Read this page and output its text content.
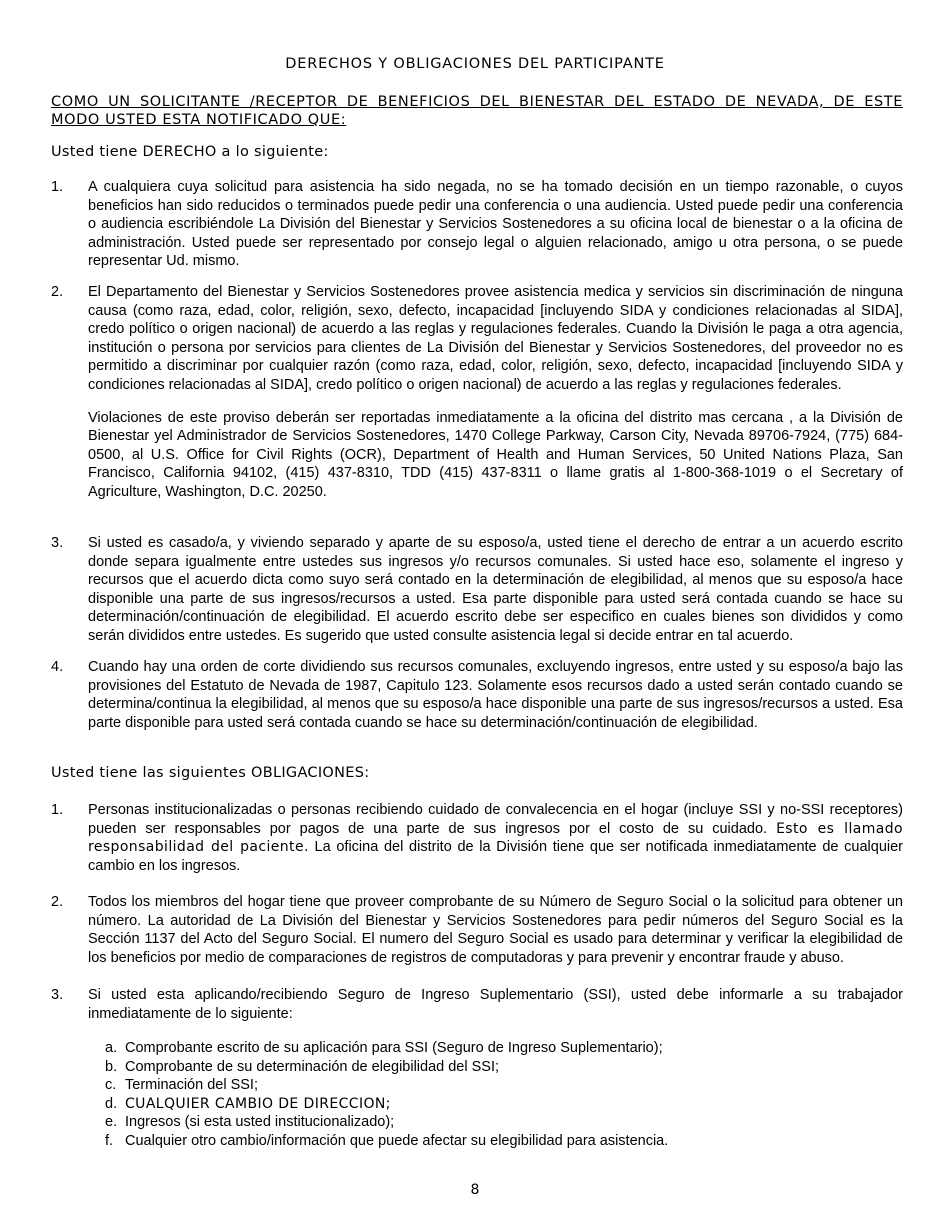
DERECHOS Y OBLIGACIONES DEL PARTICIPANTE
COMO UN SOLICITANTE /RECEPTOR DE BENEFICIOS DEL BIENESTAR DEL ESTADO DE NEVADA, DE ESTE MODO USTED ESTA NOTIFICADO QUE:
Usted tiene DERECHO a lo siguiente:
1.	A cualquiera cuya solicitud para asistencia ha sido negada, no se ha tomado decisión en un tiempo razonable, o cuyos beneficios han sido reducidos o terminados puede pedir una conferencia o una audiencia. Usted puede pedir una conferencia o audiencia escribiéndole La División del Bienestar y Servicios Sostenedores a su oficina local de bienestar o a la oficina de administración. Usted puede ser representado por consejo legal o alguien relacionado, amigo u otra persona, o se puede representar Ud. mismo.

2.	El Departamento del Bienestar y Servicios Sostenedores provee asistencia medica y servicios sin discriminación de ninguna causa (como raza, edad, color, religión, sexo, defecto, incapacidad [incluyendo SIDA y condiciones relacionadas al SIDA], credo político o origen nacional) de acuerdo a las reglas y regulaciones federales. Cuando la División le paga a otra agencia, institución o persona por servicios para clientes de La División del Bienestar y Servicios Sostenedores, del proveedor no es permitido a discriminar por cualquier razón (como raza, edad, color, religión, sexo, defecto, incapacidad [incluyendo SIDA y condiciones relacionadas al SIDA], credo político o origen nacional) de acuerdo a las reglas y regulaciones federales.
Violaciones de este proviso deberán ser reportadas inmediatamente a la oficina del distrito mas cercana , a la División de Bienestar yel Administrador de Servicios Sostenedores, 1470 College Parkway, Carson City, Nevada 89706-7924, (775) 684-0500, al U.S. Office for Civil Rights (OCR), Department of Health and Human Services, 50 United Nations Plaza, San Francisco, California 94102, (415) 437-8310, TDD (415) 437-8311 o llame gratis al 1-800-368-1019 o el Secretary of Agriculture, Washington, D.C. 20250.
3.	Si usted es casado/a, y viviendo separado y aparte de su esposo/a, usted tiene el derecho de entrar a un acuerdo escrito donde separa igualmente entre ustedes sus ingresos y/o recursos comunales. Si usted hace eso, solamente el ingreso y recursos que el acuerdo dicta como suyo será contado en la determinación de elegibilidad, al menos que su esposo/a hace disponible una parte de sus ingresos/recursos a usted. Esa parte disponible para usted será contada cuando se hace su determinación/continuación de elegibilidad. El acuerdo escrito debe ser especifico en cuales bienes son divididos y como serán divididos entre ustedes. Es sugerido que usted consulte asistencia legal si decide entrar en tal acuerdo.

4.	Cuando hay una orden de corte dividiendo sus recursos comunales, excluyendo ingresos, entre usted y su esposo/a bajo las provisiones del Estatuto de Nevada de 1987, Capitulo 123. Solamente esos recursos dado a usted serán contado cuando se determina/continua la elegibilidad, al menos que su esposo/a hace disponible una parte de sus ingresos/recursos a usted. Esa parte disponible para usted será contada cuando se hace su determinación/continuación de elegibilidad.

Usted tiene las siguientes OBLIGACIONES:
1.	Personas institucionalizadas o personas recibiendo cuidado de convalecencia en el hogar (incluye SSI y no-SSI receptores) pueden ser responsables por pagos de una parte de sus ingresos por el costo de su cuidado. Esto es llamado responsabilidad del paciente. La oficina del distrito de la División tiene que ser notificada inmediatamente de cualquier cambio en los ingresos.

2.	Todos los miembros del hogar tiene que proveer comprobante de su Número de Seguro Social o la solicitud para obtener un número. La autoridad de La División del Bienestar y Servicios Sostenedores para pedir números del Seguro Social es la Sección 1137 del Acto del Seguro Social. El numero del Seguro Social es usado para determinar y verificar la elegibilidad de los beneficios por medio de comparaciones de registros de computadoras y para prevenir y encontrar fraude y abuso.

3.	Si usted esta aplicando/recibiendo Seguro de Ingreso Suplementario (SSI), usted debe informarle a su trabajador inmediatamente de lo siguiente:

a. Comprobante escrito de su aplicación para SSI (Seguro de Ingreso Suplementario);
b. Comprobante de su determinación de elegibilidad del SSI;
c. Terminación del SSI;
d. CUALQUIER CAMBIO DE DIRECCION;
e. Ingresos (si esta usted institucionalizado);
f. Cualquier otro cambio/información que puede afectar su elegibilidad para asistencia.
8
